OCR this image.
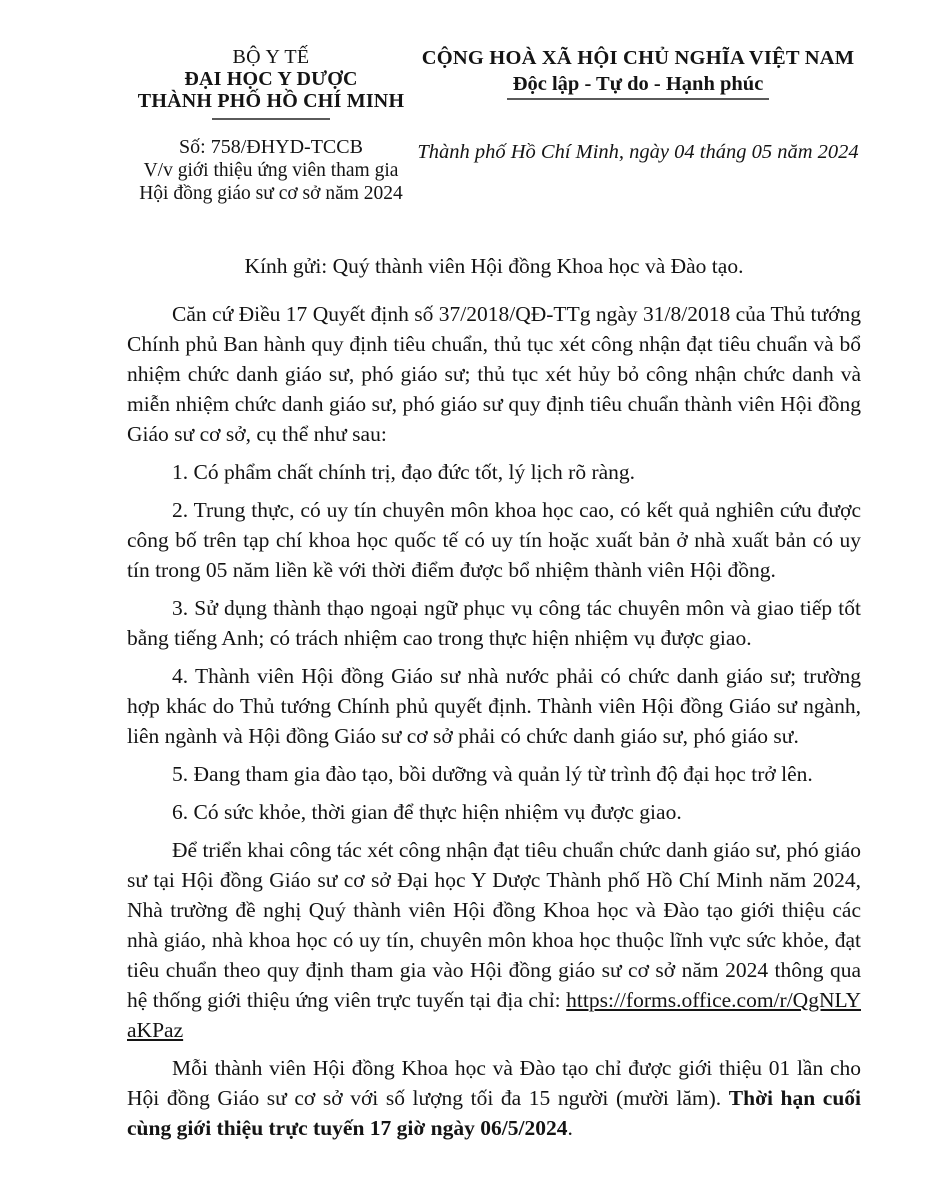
BỘ Y TẾ
ĐẠI HỌC Y DƯỢC
THÀNH PHỐ HỒ CHÍ MINH
Số: 758/ĐHYD-TCCB
V/v giới thiệu ứng viên tham gia
Hội đồng giáo sư cơ sở năm 2024
CỘNG HOÀ XÃ HỘI CHỦ NGHĨA VIỆT NAM
Độc lập - Tự do - Hạnh phúc
Thành phố Hồ Chí Minh, ngày 04 tháng 05 năm 2024
Kính gửi: Quý thành viên Hội đồng Khoa học và Đào tạo.

Căn cứ Điều 17 Quyết định số 37/2018/QĐ-TTg ngày 31/8/2018 của Thủ tướng Chính phủ Ban hành quy định tiêu chuẩn, thủ tục xét công nhận đạt tiêu chuẩn và bổ nhiệm chức danh giáo sư, phó giáo sư; thủ tục xét hủy bỏ công nhận chức danh và miễn nhiệm chức danh giáo sư, phó giáo sư quy định tiêu chuẩn thành viên Hội đồng Giáo sư cơ sở, cụ thể như sau:

1. Có phẩm chất chính trị, đạo đức tốt, lý lịch rõ ràng.

2. Trung thực, có uy tín chuyên môn khoa học cao, có kết quả nghiên cứu được công bố trên tạp chí khoa học quốc tế có uy tín hoặc xuất bản ở nhà xuất bản có uy tín trong 05 năm liền kề với thời điểm được bổ nhiệm thành viên Hội đồng.

3. Sử dụng thành thạo ngoại ngữ phục vụ công tác chuyên môn và giao tiếp tốt bằng tiếng Anh; có trách nhiệm cao trong thực hiện nhiệm vụ được giao.

4. Thành viên Hội đồng Giáo sư nhà nước phải có chức danh giáo sư; trường hợp khác do Thủ tướng Chính phủ quyết định. Thành viên Hội đồng Giáo sư ngành, liên ngành và Hội đồng Giáo sư cơ sở phải có chức danh giáo sư, phó giáo sư.

5. Đang tham gia đào tạo, bồi dưỡng và quản lý từ trình độ đại học trở lên.

6. Có sức khỏe, thời gian để thực hiện nhiệm vụ được giao.

Để triển khai công tác xét công nhận đạt tiêu chuẩn chức danh giáo sư, phó giáo sư tại Hội đồng Giáo sư cơ sở Đại học Y Dược Thành phố Hồ Chí Minh năm 2024, Nhà trường đề nghị Quý thành viên Hội đồng Khoa học và Đào tạo giới thiệu các nhà giáo, nhà khoa học có uy tín, chuyên môn khoa học thuộc lĩnh vực sức khỏe, đạt tiêu chuẩn theo quy định tham gia vào Hội đồng giáo sư cơ sở năm 2024 thông qua hệ thống giới thiệu ứng viên trực tuyến tại địa chỉ: https://forms.office.com/r/QgNLYaKPaz

Mỗi thành viên Hội đồng Khoa học và Đào tạo chỉ được giới thiệu 01 lần cho Hội đồng Giáo sư cơ sở với số lượng tối đa 15 người (mười lăm). Thời hạn cuối cùng giới thiệu trực tuyến 17 giờ ngày 06/5/2024.
